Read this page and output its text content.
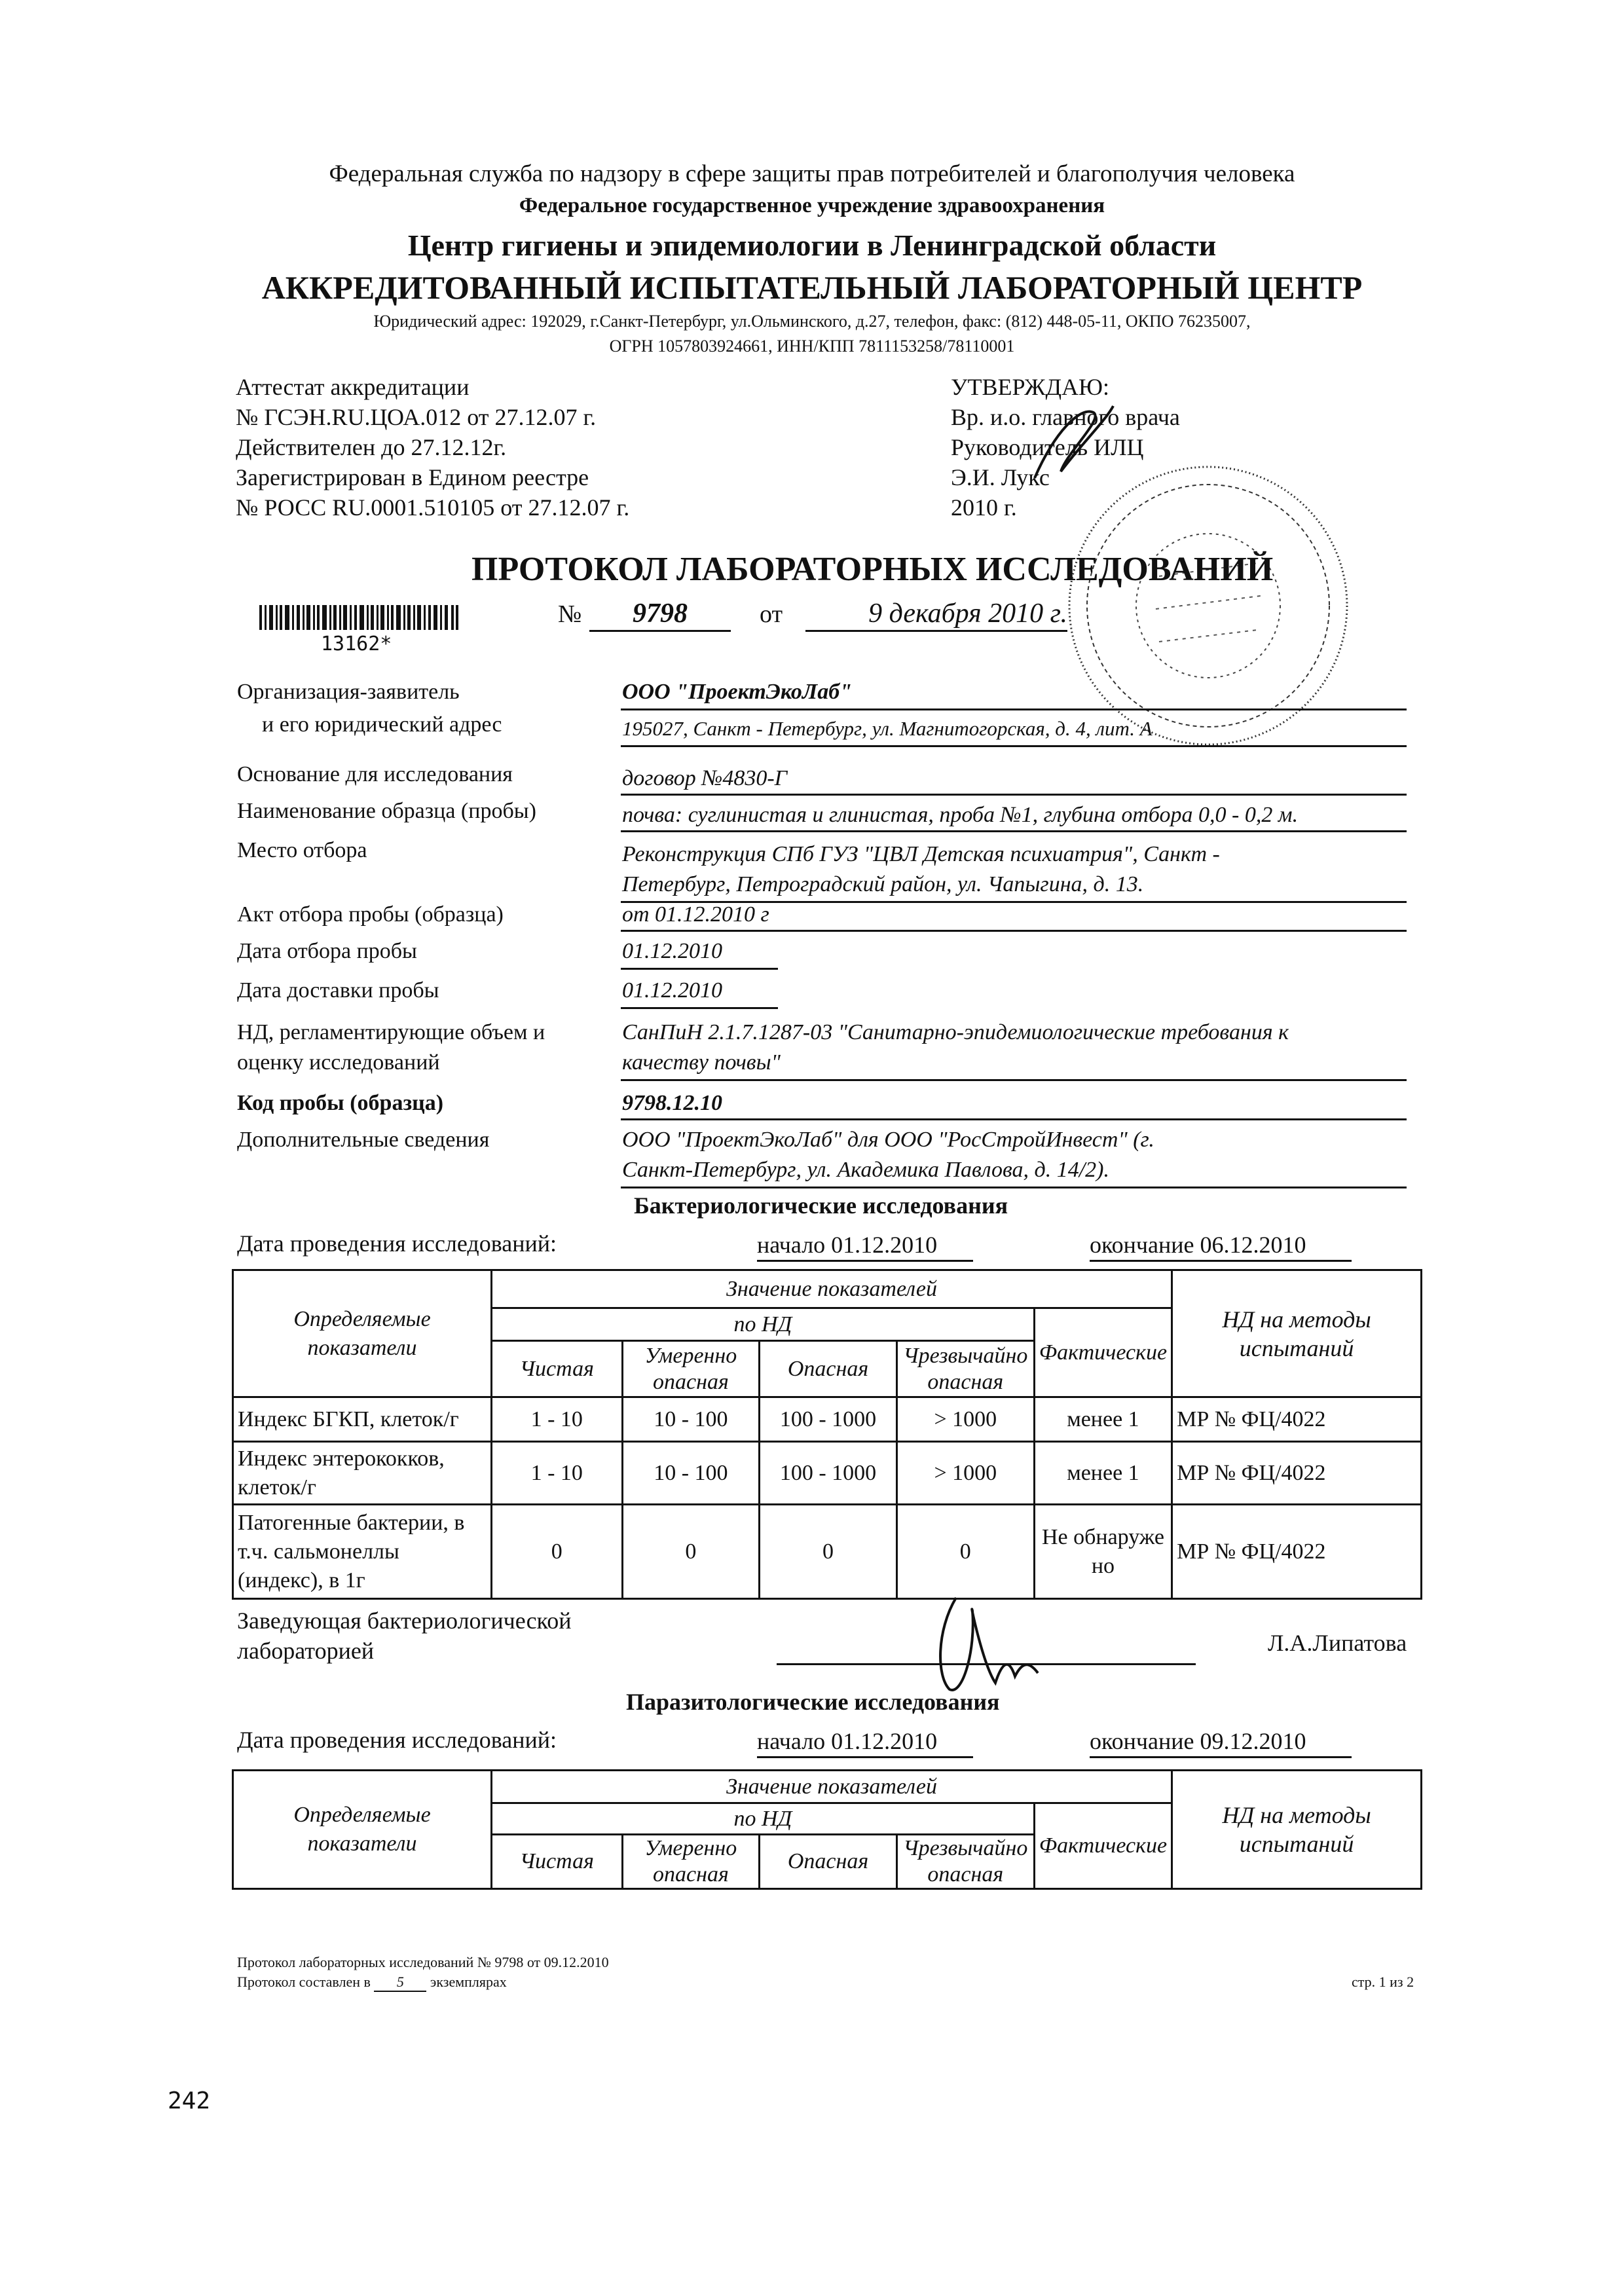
Федеральная служба по надзору в сфере защиты прав потребителей и благополучия человека
Федеральное государственное учреждение здравоохранения
Центр гигиены и эпидемиологии в Ленинградской области
АККРЕДИТОВАННЫЙ ИСПЫТАТЕЛЬНЫЙ ЛАБОРАТОРНЫЙ ЦЕНТР
Юридический адрес: 192029, г.Санкт-Петербург, ул.Ольминского, д.27, телефон, факс: (812) 448-05-11, ОКПО 76235007,
ОГРН 1057803924661, ИНН/КПП 7811153258/78110001
Аттестат аккредитации
№ ГСЭН.RU.ЦОА.012 от 27.12.07 г.
Действителен до 27.12.12г.
Зарегистрирован в Едином реестре
№ РОСС RU.0001.510105 от 27.12.07 г.
УТВЕРЖДАЮ:
Вр. и.о. главного врача
Руководитель ИЛЦ
Э.И. Лукс
2010 г.
ПРОТОКОЛ ЛАБОРАТОРНЫХ ИССЛЕДОВАНИЙ
13162*
№	9798	от	9 декабря 2010 г.
Организация-заявитель	ООО "ПроектЭкоЛаб"
и его юридический адрес	195027, Санкт - Петербург, ул. Магнитогорская, д. 4, лит. А
Основание для исследования	договор №4830-Г
Наименование образца (пробы)	почва: суглинистая и глинистая, проба №1, глубина отбора 0,0 - 0,2 м.
Место отбора	Реконструкция СПб ГУЗ "ЦВЛ Детская психиатрия", Санкт -
Петербург, Петроградский район, ул. Чапыгина, д. 13.
Акт отбора пробы (образца)	от 01.12.2010 г
Дата отбора пробы	01.12.2010
Дата доставки пробы	01.12.2010
НД, регламентирующие объем и
оценку исследований
СанПиН 2.1.7.1287-03 "Санитарно-эпидемиологические требования к
качеству почвы"
Код пробы (образца)	9798.12.10
Дополнительные сведения	ООО "ПроектЭкоЛаб" для ООО "РосСтройИнвест" (г.
Санкт-Петербург, ул. Академика Павлова, д. 14/2).
Бактериологические исследования
Дата проведения исследований:	начало 01.12.2010	окончание 06.12.2010
Определяемые показатели	Значение показателей					НД на методы испытаний
	по НД				Фактические	
	Чистая	Умеренно опасная	Опасная	Чрезвычайно опасная		
Индекс БГКП, клеток/г	1 - 10	10 - 100	100 - 1000	> 1000	менее 1	МР № ФЦ/4022
Индекс энтерококков, клеток/г	1 - 10	10 - 100	100 - 1000	> 1000	менее 1	МР № ФЦ/4022
Патогенные бактерии, в т.ч. сальмонеллы (индекс), в 1г	0	0	0	0	Не обнаружено	МР № ФЦ/4022
Заведующая бактериологической
лабораторией	Л.А.Липатова
Паразитологические исследования
Дата проведения исследований:	начало 01.12.2010	окончание 09.12.2010
Определяемые показатели	Значение показателей					НД на методы испытаний
	по НД				Фактические	
	Чистая	Умеренно опасная	Опасная	Чрезвычайно опасная		
Протокол лабораторных исследований № 9798 от 09.12.2010
Протокол составлен в 5 экземплярах	стр. 1 из 2
242
